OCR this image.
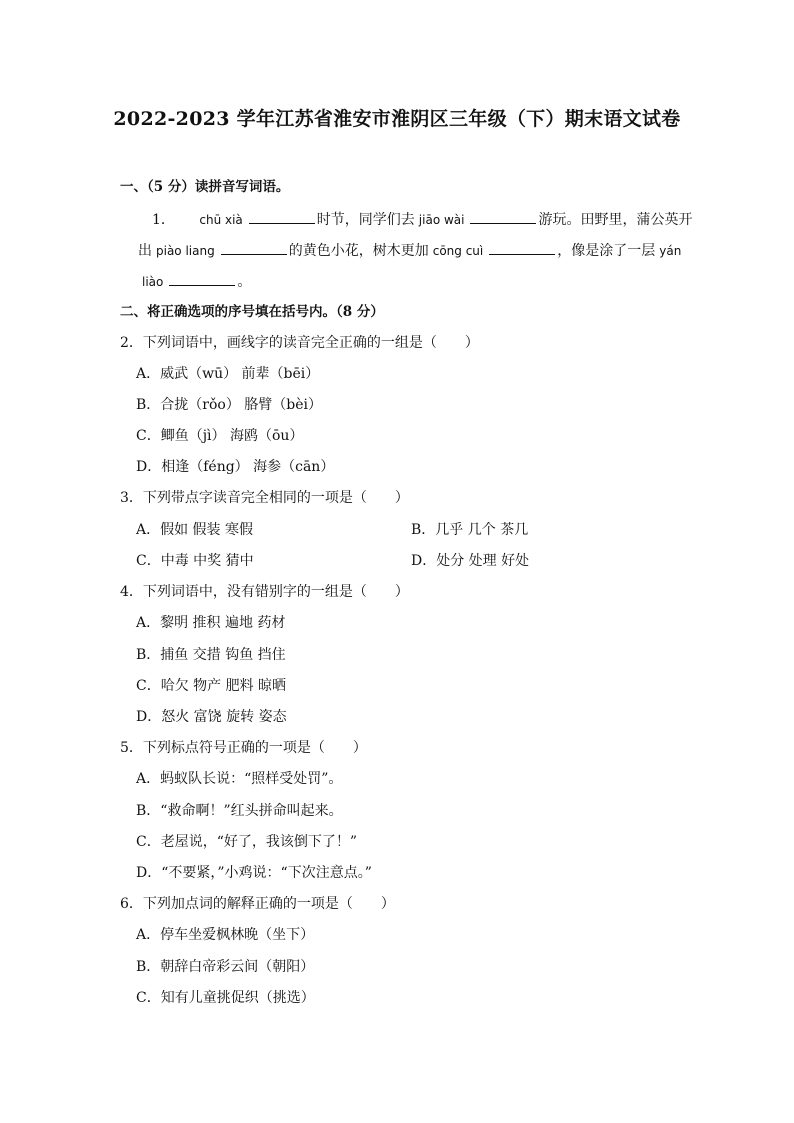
2022-2023 学年江苏省淮安市淮阴区三年级（下）期末语文试卷
一、（5 分）读拼音写词语。
1． chū xià	时节，同学们去 jiāo wài	游玩。田野里，蒲公英开
出 piào liang	的黄色小花，树木更加 cōng cuì	，像是涂了一层 yán
liào	。
二、将正确选项的序号填在括号内。（8 分）
2．下列词语中，画线字的读音完全正确的一组是（　　）
A．威武（wū） 前辈（bēi）
B．合拢（rǒo） 胳臂（bèi）
C．鲫鱼（jì） 海鸥（ōu）
D．相逢（féng） 海参（cān）
3．下列带点字读音完全相同的一项是（　　）
A．假如 假装 寒假	B．几乎 几个 茶几
C．中毒 中奖 猜中	D．处分 处理 好处
4．下列词语中，没有错别字的一组是（　　）
A．黎明 推积 遍地 药材
B．捕鱼 交措 钩鱼 挡住
C．哈欠 物产 肥料 晾晒
D．怒火 富饶 旋转 姿态
5．下列标点符号正确的一项是（　　）
A．蚂蚁队长说：“照样受处罚”。
B．“救命啊！”红头拼命叫起来。
C．老屋说，“好了，我该倒下了！”
D．“不要紧，”小鸡说：“下次注意点。”
6．下列加点词的解释正确的一项是（　　）
A．停车坐爱枫林晚（坐下）
B．朝辞白帝彩云间（朝阳）
C．知有儿童挑促织（挑选）
